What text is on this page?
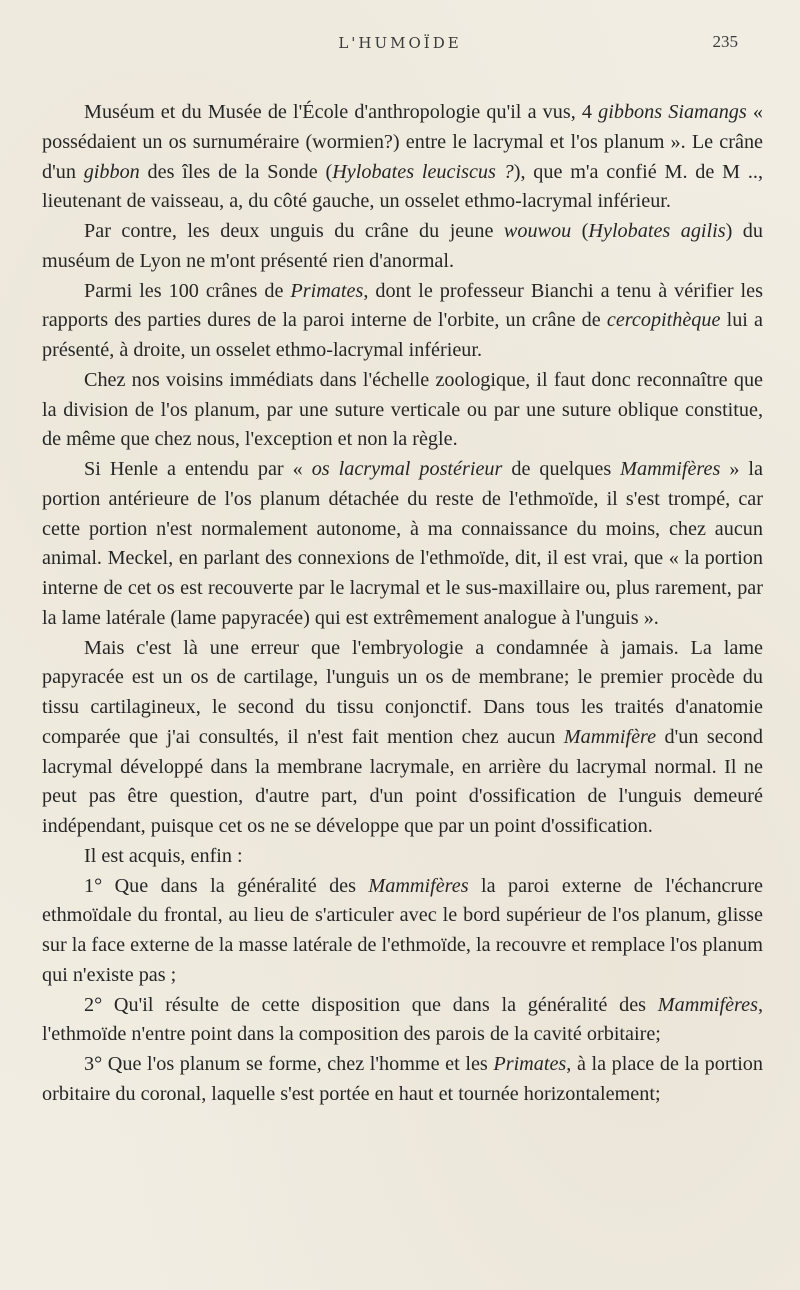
L'HUMOÏDE	235

Muséum et du Musée de l'École d'anthropologie qu'il a vus, 4 gibbons Siamangs « possédaient un os surnuméraire (wormien?) entre le lacrymal et l'os planum ». Le crâne d'un gibbon des îles de la Sonde (Hylobates leuciscus ?), que m'a confié M. de M .., lieutenant de vaisseau, a, du côté gauche, un osselet ethmo-lacrymal inférieur.

Par contre, les deux unguis du crâne du jeune wouwou (Hylobates agilis) du muséum de Lyon ne m'ont présenté rien d'anormal.

Parmi les 100 crânes de Primates, dont le professeur Bianchi a tenu à vérifier les rapports des parties dures de la paroi interne de l'orbite, un crâne de cercopithèque lui a présenté, à droite, un osselet ethmo-lacrymal inférieur.

Chez nos voisins immédiats dans l'échelle zoologique, il faut donc reconnaître que la division de l'os planum, par une suture verticale ou par une suture oblique constitue, de même que chez nous, l'exception et non la règle.

Si Henle a entendu par « os lacrymal postérieur de quelques Mammifères » la portion antérieure de l'os planum détachée du reste de l'ethmoïde, il s'est trompé, car cette portion n'est normalement autonome, à ma connaissance du moins, chez aucun animal. Meckel, en parlant des connexions de l'ethmoïde, dit, il est vrai, que « la portion interne de cet os est recouverte par le lacrymal et le sus-maxillaire ou, plus rarement, par la lame latérale (lame papyracée) qui est extrêmement analogue à l'unguis ».

Mais c'est là une erreur que l'embryologie a condamnée à jamais. La lame papyracée est un os de cartilage, l'unguis un os de membrane; le premier procède du tissu cartilagineux, le second du tissu conjonctif. Dans tous les traités d'anatomie comparée que j'ai consultés, il n'est fait mention chez aucun Mammifère d'un second lacrymal développé dans la membrane lacrymale, en arrière du lacrymal normal. Il ne peut pas être question, d'autre part, d'un point d'ossification de l'unguis demeuré indépendant, puisque cet os ne se développe que par un point d'ossification.

Il est acquis, enfin :

1° Que dans la généralité des Mammifères la paroi externe de l'échancrure ethmoïdale du frontal, au lieu de s'articuler avec le bord supérieur de l'os planum, glisse sur la face externe de la masse latérale de l'ethmoïde, la recouvre et remplace l'os planum qui n'existe pas ;

2° Qu'il résulte de cette disposition que dans la généralité des Mammifères, l'ethmoïde n'entre point dans la composition des parois de la cavité orbitaire;

3° Que l'os planum se forme, chez l'homme et les Primates, à la place de la portion orbitaire du coronal, laquelle s'est portée en haut et tournée horizontalement;
